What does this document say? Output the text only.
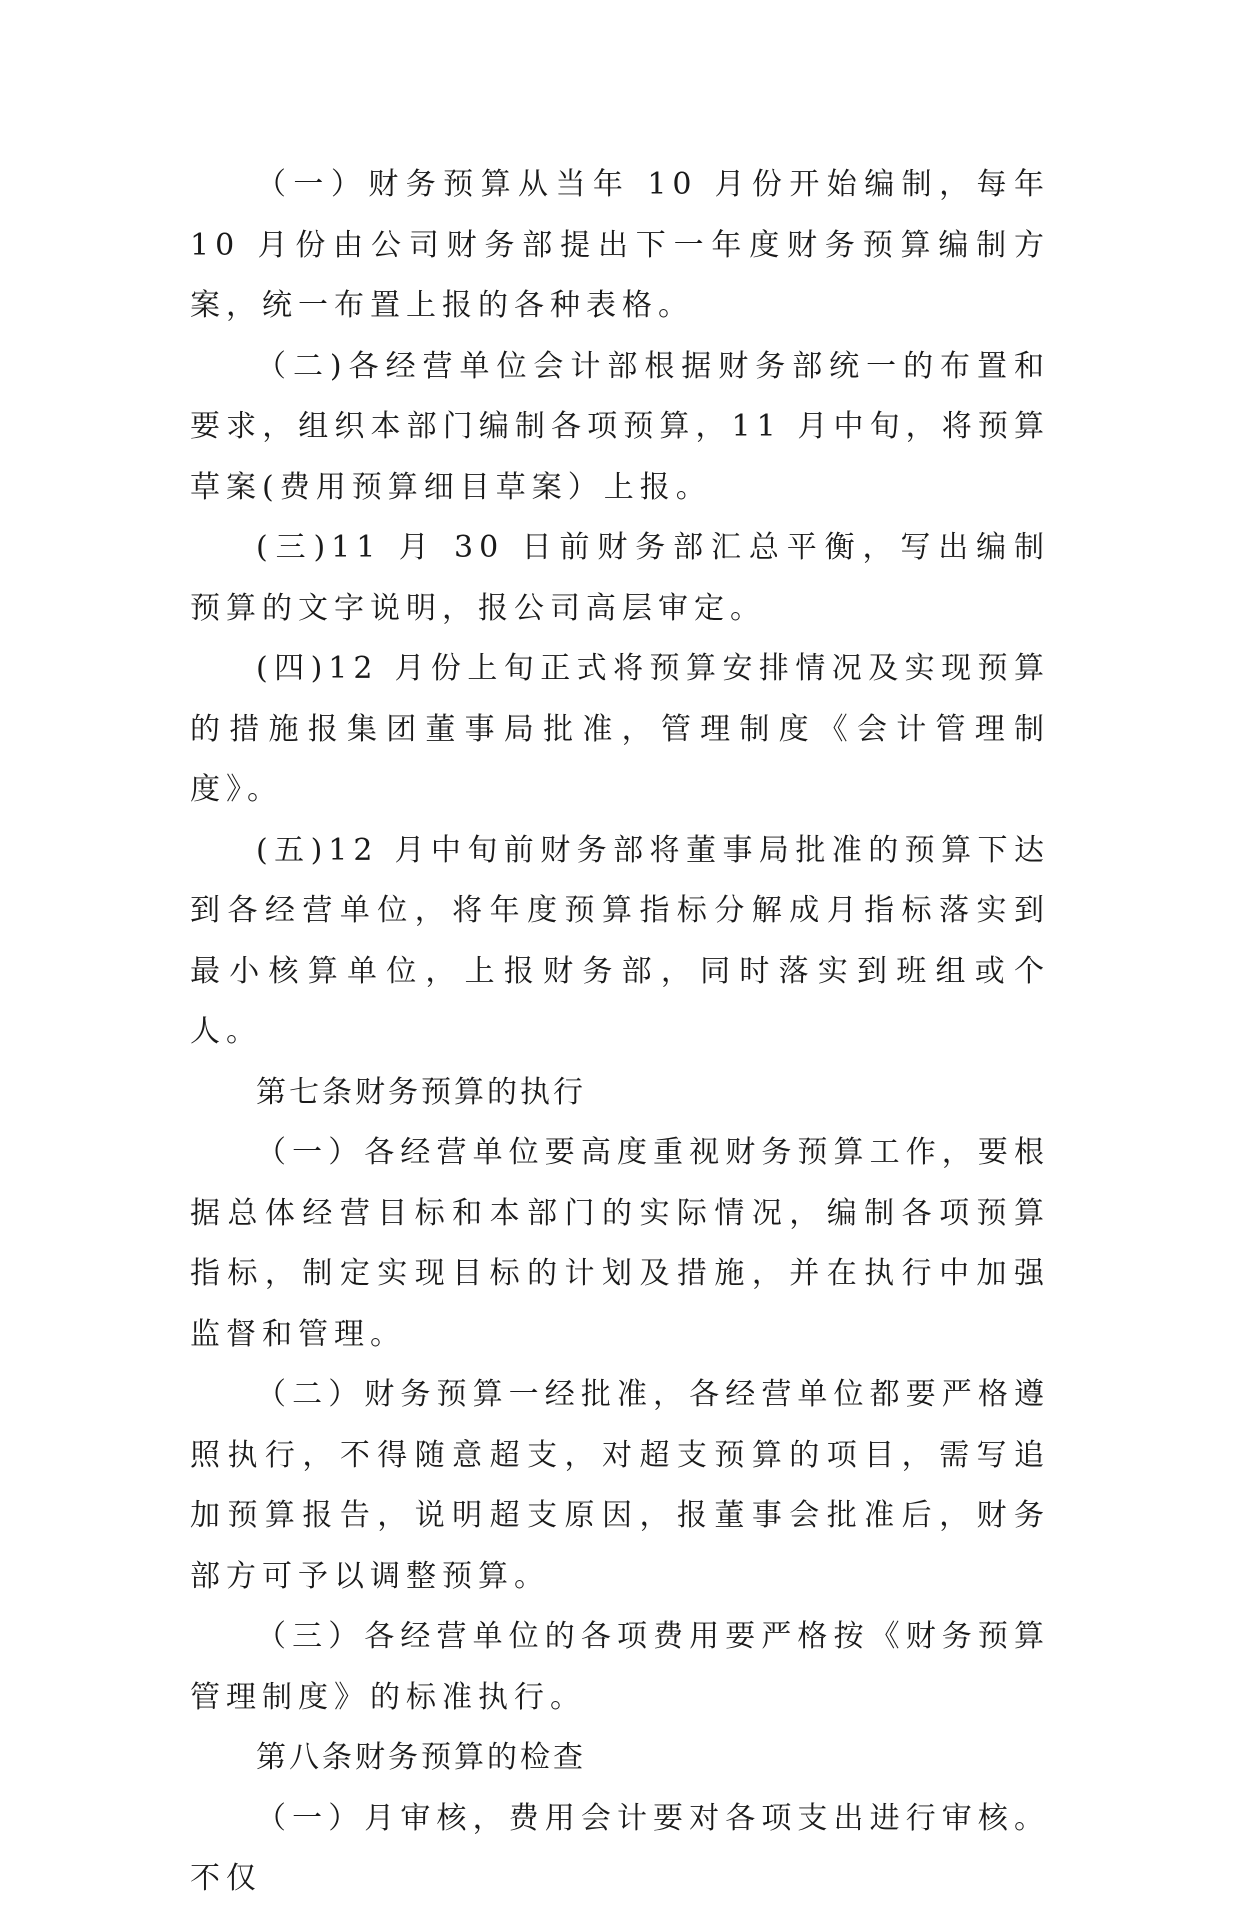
（一）财务预算从当年 10 月份开始编制，每年 10 月份由公司财务部提出下一年度财务预算编制方案，统一布置上报的各种表格。

（二)各经营单位会计部根据财务部统一的布置和要求，组织本部门编制各项预算，11 月中旬，将预算草案(费用预算细目草案）上报。

(三)11 月 30 日前财务部汇总平衡，写出编制预算的文字说明，报公司高层审定。

(四)12 月份上旬正式将预算安排情况及实现预算的措施报集团董事局批准，管理制度《会计管理制度》。

(五)12 月中旬前财务部将董事局批准的预算下达到各经营单位，将年度预算指标分解成月指标落实到最小核算单位，上报财务部，同时落实到班组或个人。

第七条财务预算的执行

（一）各经营单位要高度重视财务预算工作，要根据总体经营目标和本部门的实际情况，编制各项预算指标，制定实现目标的计划及措施，并在执行中加强监督和管理。

（二）财务预算一经批准，各经营单位都要严格遵照执行，不得随意超支，对超支预算的项目，需写追加预算报告，说明超支原因，报董事会批准后，财务部方可予以调整预算。

（三）各经营单位的各项费用要严格按《财务预算管理制度》的标准执行。

第八条财务预算的检查

（一）月审核，费用会计要对各项支出进行审核。不仅
